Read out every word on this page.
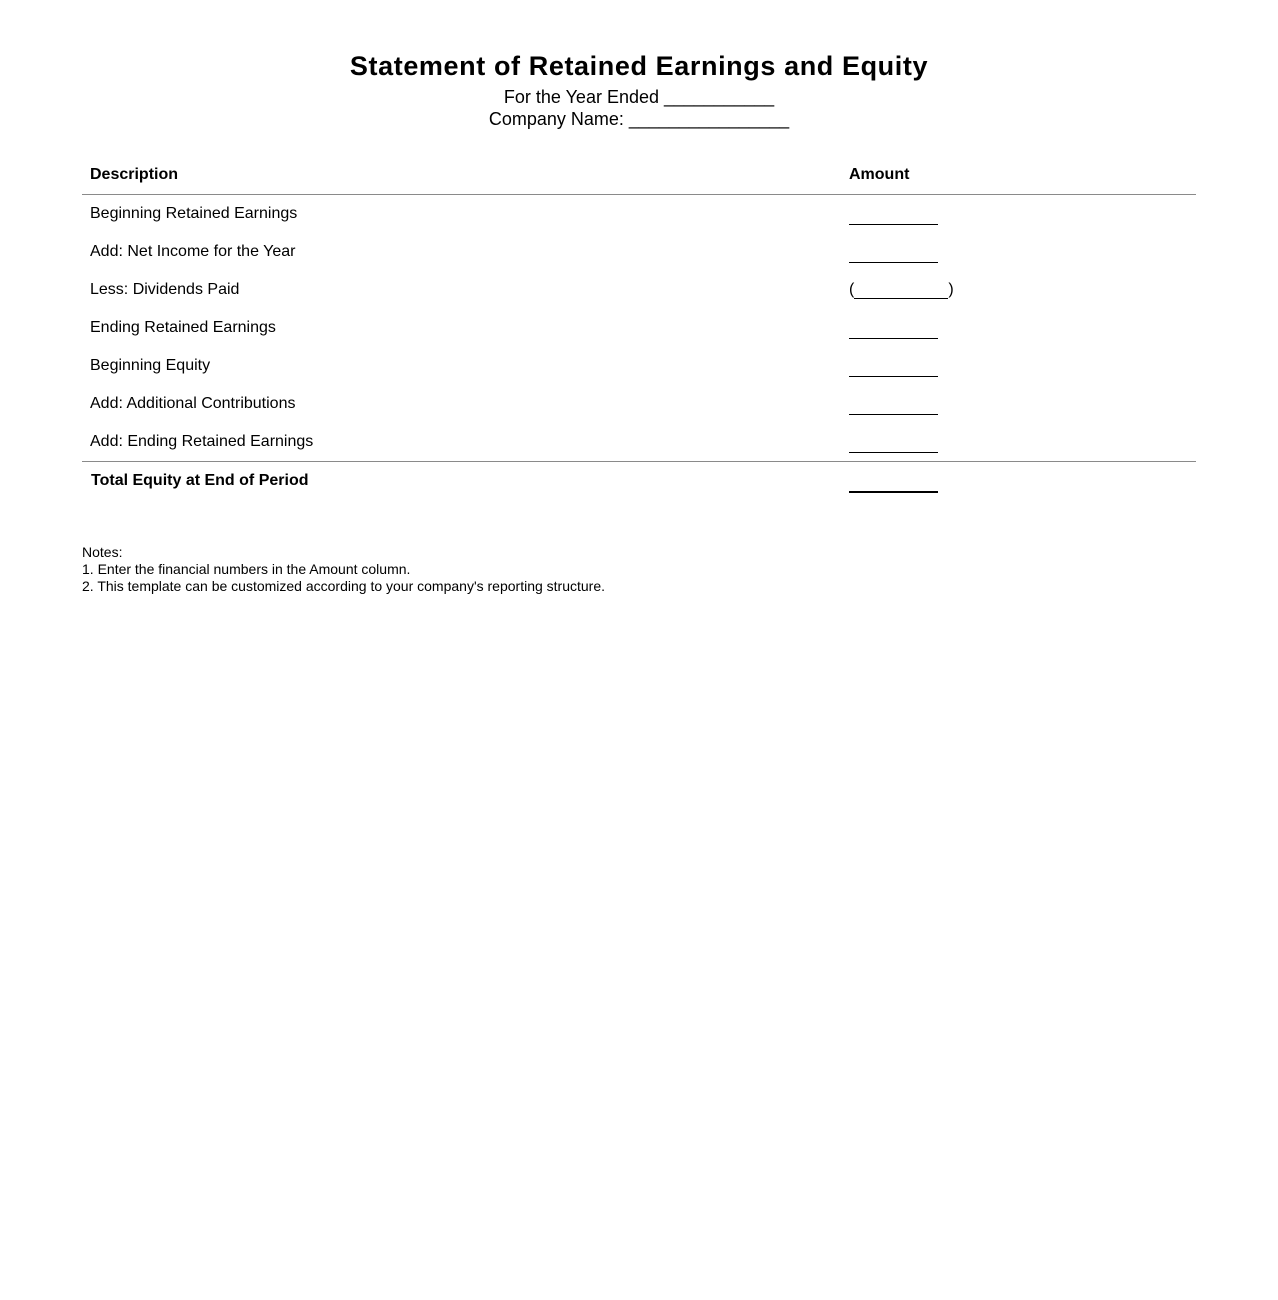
Statement of Retained Earnings and Equity
For the Year Ended ___________
Company Name: ________________
Description	Amount
Beginning Retained Earnings	
Add: Net Income for the Year	
Less: Dividends Paid	( )

Ending Retained Earnings	
Beginning Equity	
Add: Additional Contributions	
Add: Ending Retained Earnings	
Total Equity at End of Period	
Notes:
1. Enter the financial numbers in the Amount column.
2. This template can be customized according to your company's reporting structure.
